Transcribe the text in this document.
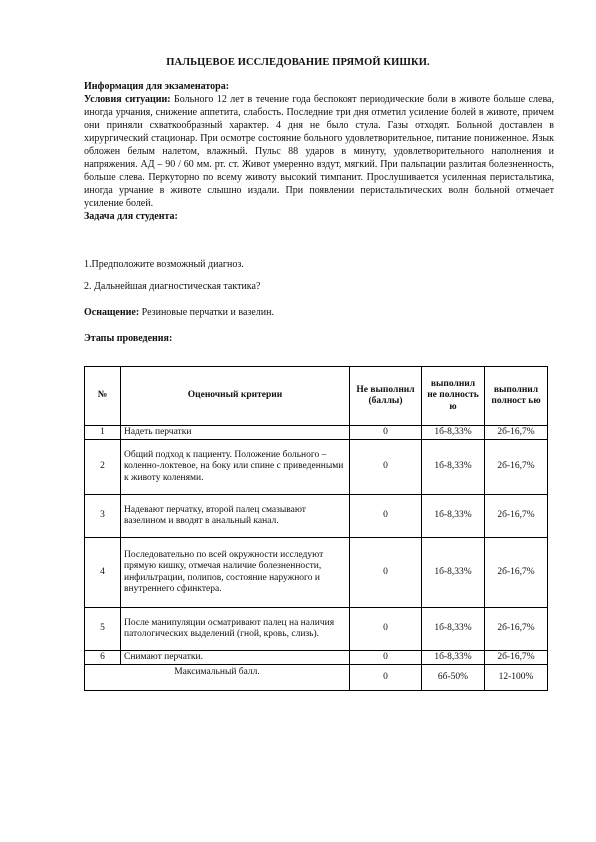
ПАЛЬЦЕВОЕ ИССЛЕДОВАНИЕ ПРЯМОЙ КИШКИ.
Информация для экзаменатора:
Условия ситуации: Больного 12 лет в течение года беспокоят периодические боли в животе больше слева, иногда урчания, снижение аппетита, слабость. Последние три дня отметил усиление болей в животе, причем они приняли схваткообразный характер. 4 дня не было стула. Газы отходят. Больной доставлен в хирургический стационар. При осмотре состояние больного удовлетворительное, питание пониженное. Язык обложен белым налетом, влажный. Пульс 88 ударов в минуту, удовлетворительного наполнения и напряжения. АД – 90 / 60 мм. рт. ст. Живот умеренно вздут, мягкий. При пальпации разлитая болезненность, больше слева. Перкуторно по всему животу высокий тимпанит. Прослушивается усиленная перистальтика, иногда урчание в животе слышно издали. При появлении перистальтических волн больной отмечает усиление болей.
Задача для студента:
1.Предположите возможный диагноз.
2. Дальнейшая диагностическая тактика?
Оснащение: Резиновые перчатки и вазелин.
Этапы проведения:
№	Оценочный критерии	Не выполнил (баллы)	выполнил не полность ю	выполнил полност ью
1	Надеть перчатки	0	1б-8,33%	2б-16,7%
2	Общий подход к пациенту. Положение больного – коленно-локтевое, на боку или спине с приведенными к животу коленями.	0	1б-8,33%	2б-16,7%
3	Надевают перчатку, второй палец смазывают вазелином и вводят в анальный канал.	0	1б-8,33%	2б-16,7%
4	Последовательно по всей окружности исследуют прямую кишку, отмечая наличие болезненности, инфильтрации, полипов, состояние наружного и внутреннего сфинктера.	0	1б-8,33%	2б-16,7%
5	После манипуляции осматривают палец на наличия патологических выделений (гной, кровь, слизь).	0	1б-8,33%	2б-16,7%
6	Снимают перчатки.	0	1б-8,33%	2б-16,7%
Максимальный балл.		0	6б-50%	12-100%
